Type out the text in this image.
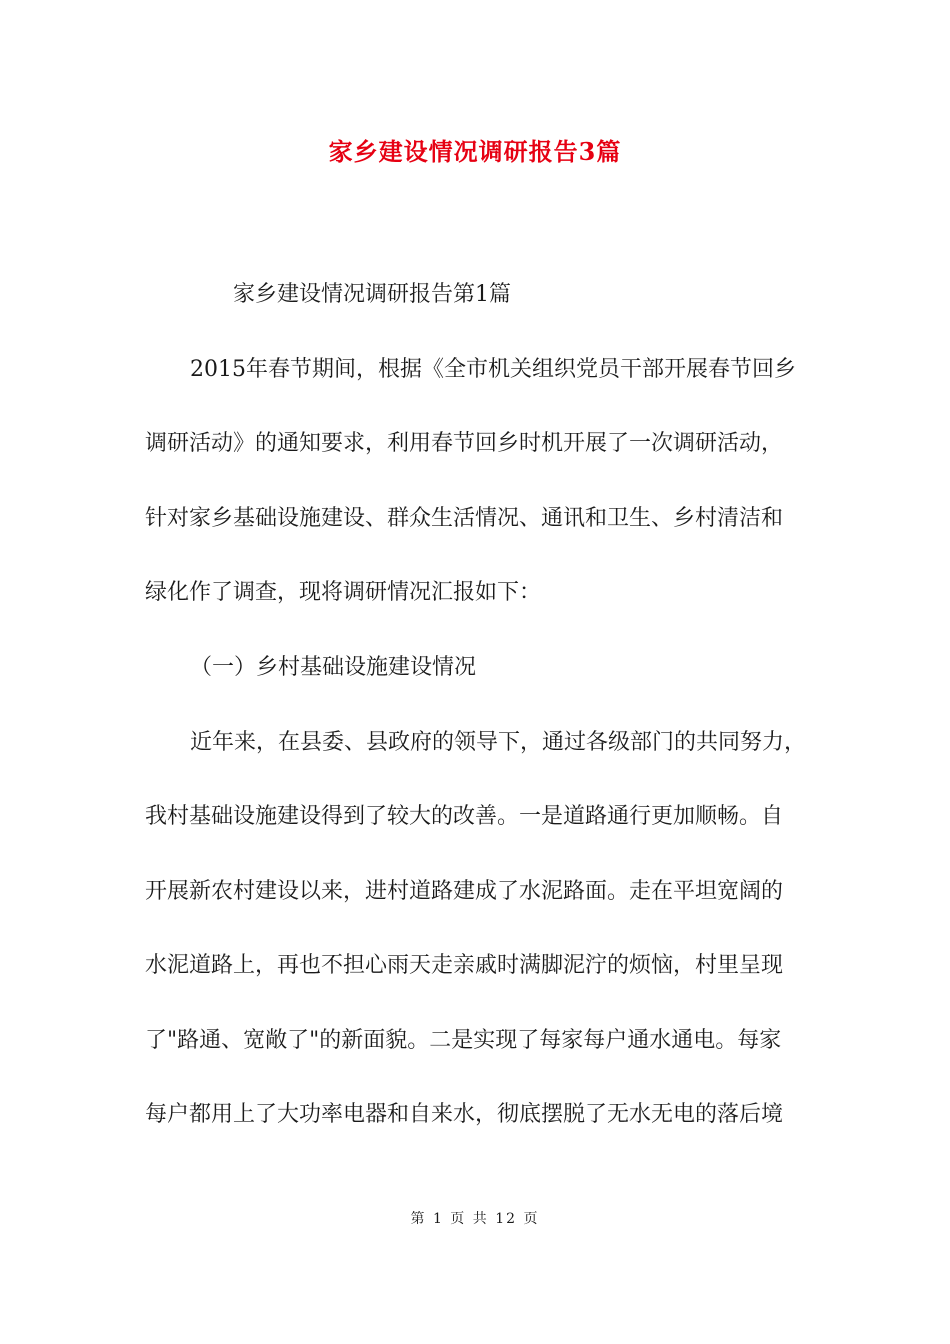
家乡建设情况调研报告3篇

家乡建设情况调研报告第1篇

2015年春节期间，根据《全市机关组织党员干部开展春节回乡

调研活动》的通知要求，利用春节回乡时机开展了一次调研活动，

针对家乡基础设施建设、群众生活情况、通讯和卫生、乡村清洁和

绿化作了调查，现将调研情况汇报如下：

（一）乡村基础设施建设情况

近年来，在县委、县政府的领导下，通过各级部门的共同努力，

我村基础设施建设得到了较大的改善。一是道路通行更加顺畅。自

开展新农村建设以来，进村道路建成了水泥路面。走在平坦宽阔的

水泥道路上，再也不担心雨天走亲戚时满脚泥泞的烦恼，村里呈现

了"路通、宽敞了"的新面貌。二是实现了每家每户通水通电。每家

每户都用上了大功率电器和自来水，彻底摆脱了无水无电的落后境

第 1 页 共 12 页
